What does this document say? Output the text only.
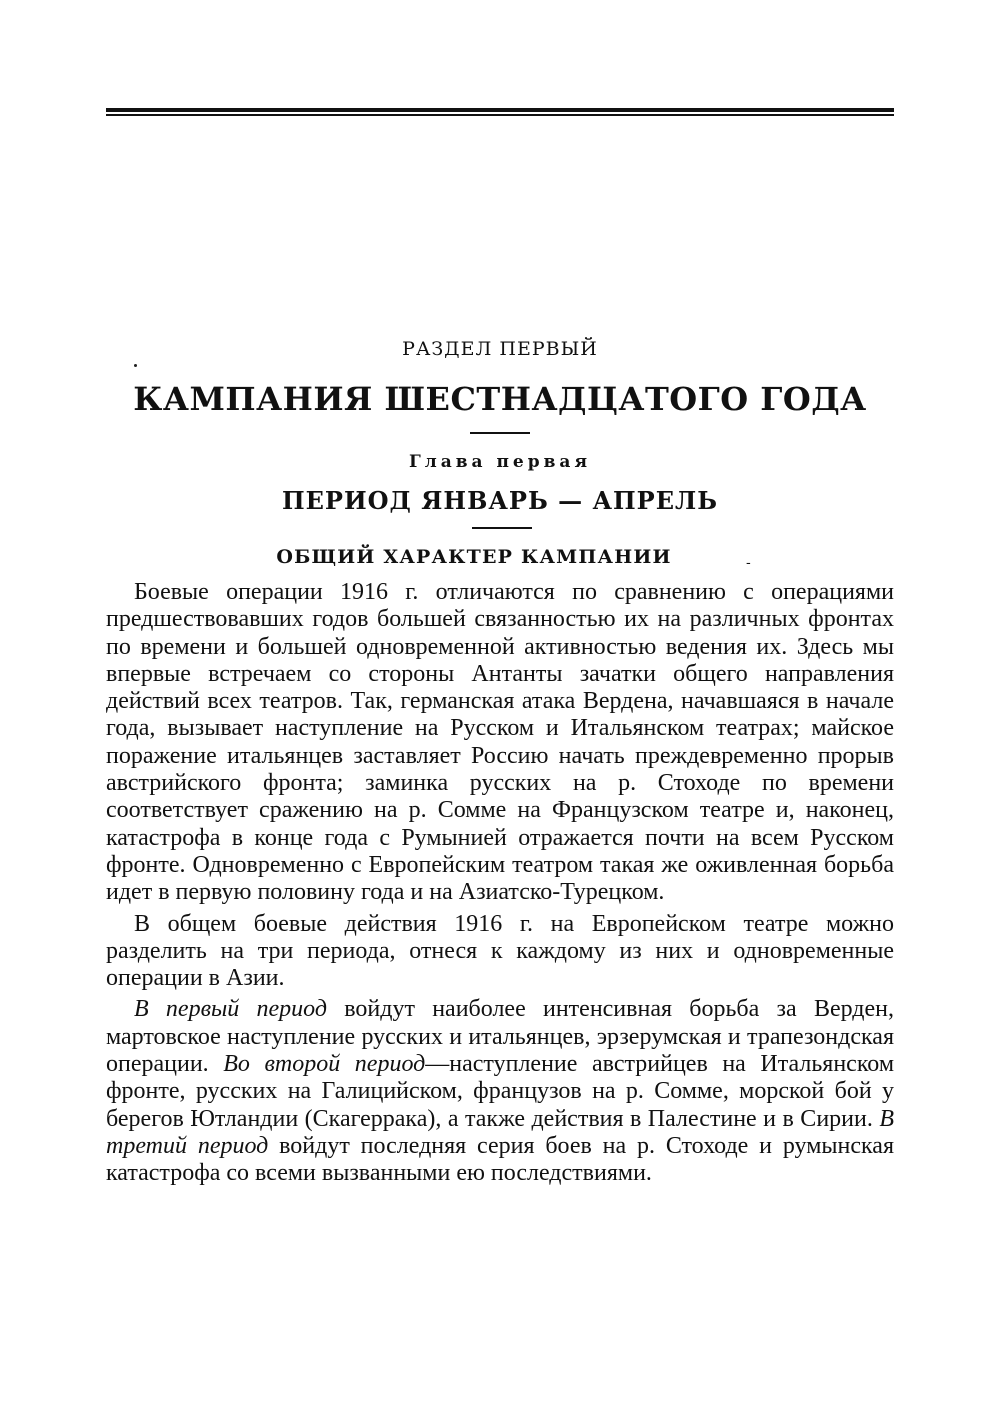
РАЗДЕЛ ПЕРВЫЙ
КАМПАНИЯ ШЕСТНАДЦАТОГО ГОДА
Глава первая
ПЕРИОД ЯНВАРЬ — АПРЕЛЬ
ОБЩИЙ ХАРАКТЕР КАМПАНИИ	-

Боевые операции 1916 г. отличаются по сравнению с операциями предшествовавших годов большей связанностью их на различных фронтах по времени и большей одновременной активностью ведения их. Здесь мы впервые встречаем со стороны Антанты зачатки общего направления действий всех театров. Так, германская атака Вердена, начавшаяся в начале года, вызывает наступление на Русском и Итальянском театрах; майское поражение итальянцев заставляет Россию начать преждевременно прорыв австрийского фронта; заминка русских на р. Стоходе по времени соответствует сражению на р. Сомме на Французском театре и, наконец, катастрофа в конце года с Румынией отражается почти на всем Русском фронте. Одновременно с Европейским театром такая же оживленная борьба идет в первую половину года и на Азиатско-Турецком.

В общем боевые действия 1916 г. на Европейском театре можно разделить на три периода, отнеся к каждому из них и одновременные операции в Азии.

В первый период войдут наиболее интенсивная борьба за Верден, мартовское наступление русских и итальянцев, эрзерумская и трапезондская операции. Во второй период—наступление австрийцев на Итальянском фронте, русских на Галицийском, французов на р. Сомме, морской бой у берегов Ютландии (Скагеррака), а также действия в Палестине и в Сирии. В третий период войдут последняя серия боев на р. Стоходе и румынская катастрофа со всеми вызванными ею последствиями.
